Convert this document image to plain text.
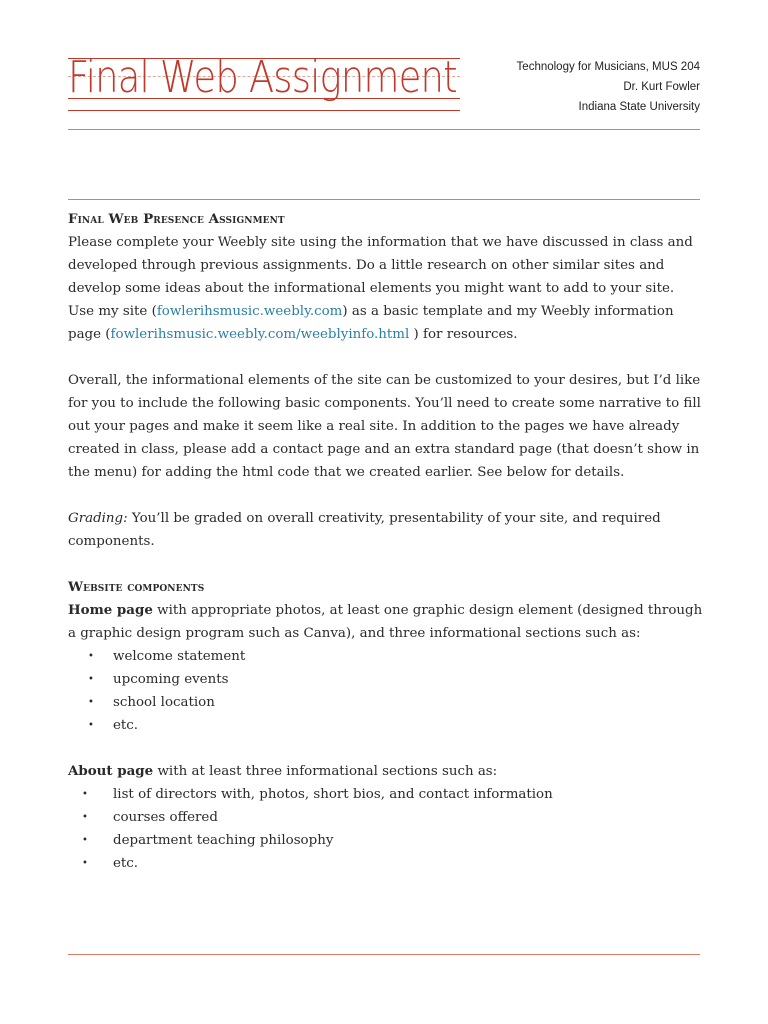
Final Web Assignment	Technology for Musicians, MUS 204
Dr. Kurt Fowler
Indiana State University
Final Web Presence Assignment

Please complete your Weebly site using the information that we have discussed in class and developed through previous assignments. Do a little research on other similar sites and develop some ideas about the informational elements you might want to add to your site. Use my site (fowlerihsmusic.weebly.com) as a basic template and my Weebly information page (fowlerihsmusic.weebly.com/weeblyinfo.html ) for resources.

Overall, the informational elements of the site can be customized to your desires, but I’d like for you to include the following basic components. You’ll need to create some narrative to fill out your pages and make it seem like a real site. In addition to the pages we have already created in class, please add a contact page and an extra standard page (that doesn’t show in the menu) for adding the html code that we created earlier. See below for details.

Grading: You’ll be graded on overall creativity, presentability of your site, and required components.

Website components

Home page with appropriate photos, at least one graphic design element (designed through a graphic design program such as Canva), and three informational sections such as:

• welcome statement
• upcoming events
• school location
• etc.

About page with at least three informational sections such as:

• list of directors with, photos, short bios, and contact information
• courses offered
• department teaching philosophy
• etc.
